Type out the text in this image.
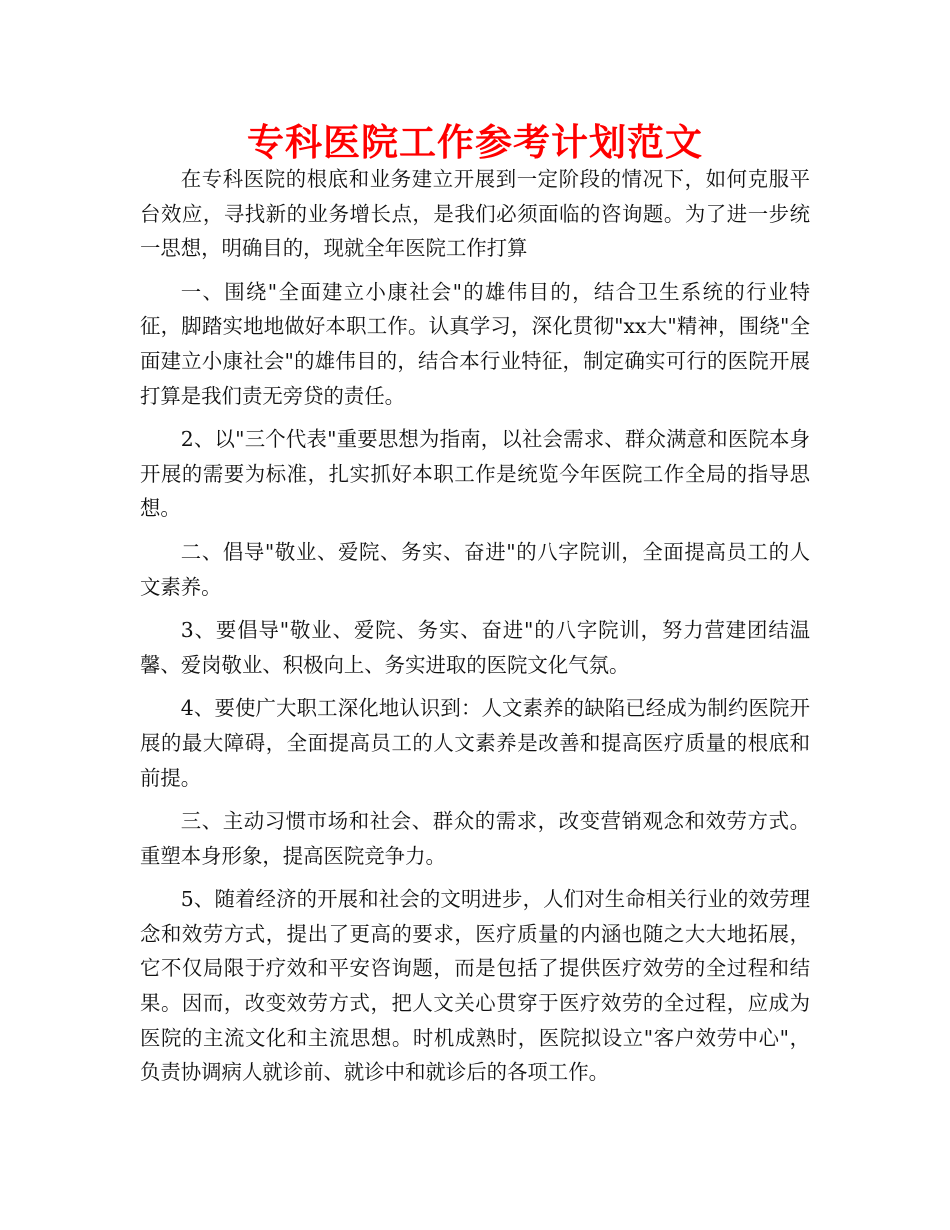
专科医院工作参考计划范文

在专科医院的根底和业务建立开展到一定阶段的情况下，如何克服平台效应，寻找新的业务增长点，是我们必须面临的咨询题。为了进一步统一思想，明确目的，现就全年医院工作打算

一、围绕"全面建立小康社会"的雄伟目的，结合卫生系统的行业特征，脚踏实地地做好本职工作。认真学习，深化贯彻"xx大"精神，围绕"全面建立小康社会"的雄伟目的，结合本行业特征，制定确实可行的医院开展打算是我们责无旁贷的责任。

2、以"三个代表"重要思想为指南，以社会需求、群众满意和医院本身开展的需要为标准，扎实抓好本职工作是统览今年医院工作全局的指导思想。

二、倡导"敬业、爱院、务实、奋进"的八字院训，全面提高员工的人文素养。

3、要倡导"敬业、爱院、务实、奋进"的八字院训，努力营建团结温馨、爱岗敬业、积极向上、务实进取的医院文化气氛。

4、要使广大职工深化地认识到：人文素养的缺陷已经成为制约医院开展的最大障碍，全面提高员工的人文素养是改善和提高医疗质量的根底和前提。

三、主动习惯市场和社会、群众的需求，改变营销观念和效劳方式。重塑本身形象，提高医院竞争力。

5、随着经济的开展和社会的文明进步，人们对生命相关行业的效劳理念和效劳方式，提出了更高的要求，医疗质量的内涵也随之大大地拓展，它不仅局限于疗效和平安咨询题，而是包括了提供医疗效劳的全过程和结果。因而，改变效劳方式，把人文关心贯穿于医疗效劳的全过程，应成为医院的主流文化和主流思想。时机成熟时，医院拟设立"客户效劳中心"，负责协调病人就诊前、就诊中和就诊后的各项工作。
